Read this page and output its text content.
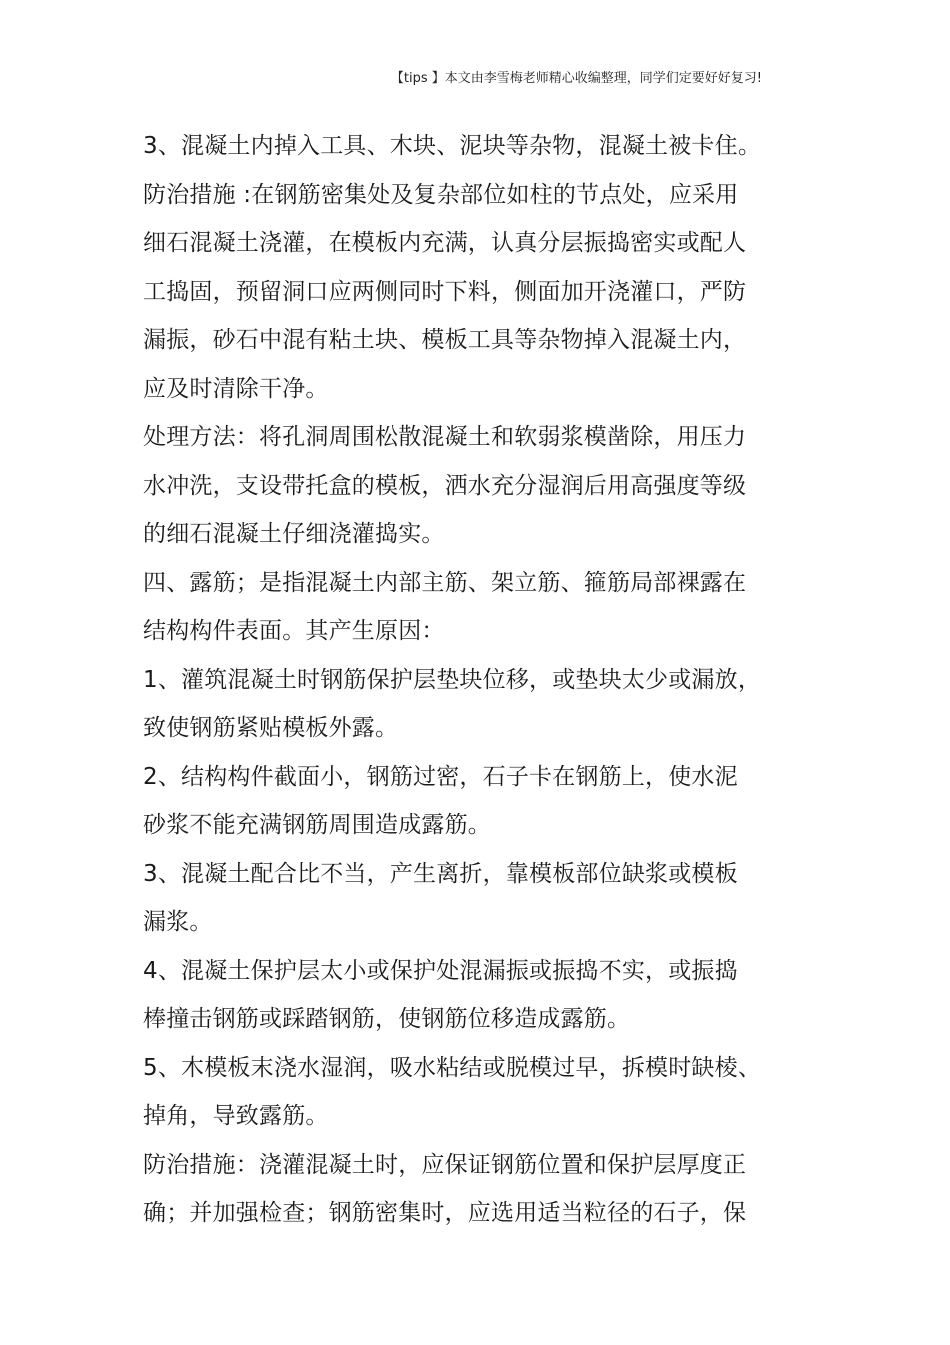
【tips 】本文由李雪梅老师精心收编整理，同学们定要好好复习!
3、混凝土内掉入工具、木块、泥块等杂物，混凝土被卡住。
防治措施 :在钢筋密集处及复杂部位如柱的节点处，应采用
细石混凝土浇灌，在模板内充满，认真分层振捣密实或配人
工捣固，预留洞口应两侧同时下料，侧面加开浇灌口，严防
漏振，砂石中混有粘土块、模板工具等杂物掉入混凝土内，
应及时清除干净。
处理方法：将孔洞周围松散混凝土和软弱浆模凿除，用压力
水冲洗，支设带托盒的模板，洒水充分湿润后用高强度等级
的细石混凝土仔细浇灌捣实。
四、露筋；是指混凝土内部主筋、架立筋、箍筋局部裸露在
结构构件表面。其产生原因：
1、灌筑混凝土时钢筋保护层垫块位移，或垫块太少或漏放，
致使钢筋紧贴模板外露。
2、结构构件截面小，钢筋过密，石子卡在钢筋上，使水泥
砂浆不能充满钢筋周围造成露筋。
3、混凝土配合比不当，产生离折，靠模板部位缺浆或模板
漏浆。
4、混凝土保护层太小或保护处混漏振或振捣不实，或振捣
棒撞击钢筋或踩踏钢筋，使钢筋位移造成露筋。
5、木模板末浇水湿润，吸水粘结或脱模过早，拆模时缺棱、
掉角，导致露筋。
防治措施：浇灌混凝土时，应保证钢筋位置和保护层厚度正
确；并加强检查；钢筋密集时，应选用适当粒径的石子，保
